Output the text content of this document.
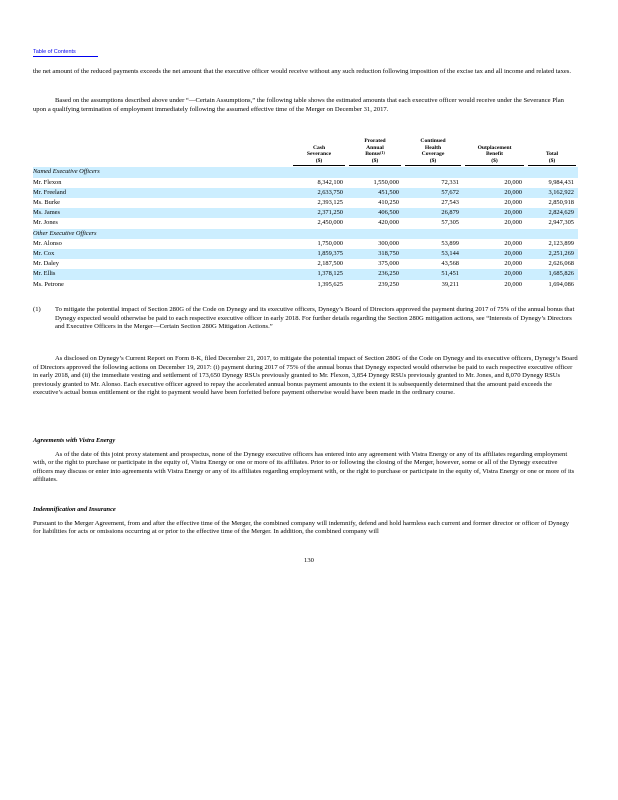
Table of Contents

the net amount of the reduced payments exceeds the net amount that the executive officer would receive without any such reduction following imposition of the excise tax and all income and related taxes.

Based on the assumptions described above under “—Certain Assumptions,” the following table shows the estimated amounts that each executive officer would receive under the Severance Plan upon a qualifying termination of employment immediately following the assumed effective time of the Merger on December 31, 2017.

	Cash
Severance
($)	Prorated
Annual
Bonus$^{(1)}$
($)	Continued
Health
Coverage
($)	Outplacement
Benefit
($)	Total
($)

Named Executive Officers					
Mr. Flexon	8,342,100	1,550,000	72,331	20,000	9,984,431
Mr. Freeland	2,633,750	451,500	57,672	20,000	3,162,922
Ms. Burke	2,393,125	410,250	27,543	20,000	2,850,918
Ms. James	2,371,250	406,500	26,879	20,000	2,824,629
Mr. Jones	2,450,000	420,000	57,305	20,000	2,947,305
Other Executive Officers					
Mr. Alonso	1,750,000	300,000	53,899	20,000	2,123,899
Mr. Cox	1,859,375	318,750	53,144	20,000	2,251,269
Mr. Daley	2,187,500	375,000	43,568	20,000	2,626,068
Mr. Ellis	1,378,125	236,250	51,451	20,000	1,685,826
Ms. Petrone	1,395,625	239,250	39,211	20,000	1,694,086
(1)	To mitigate the potential impact of Section 280G of the Code on Dynegy and its executive officers, Dynegy’s Board of Directors approved the payment during 2017 of 75% of the annual bonus that Dynegy expected would otherwise be paid to each respective executive officer in early 2018. For further details regarding the Section 280G mitigation actions, see “Interests of Dynegy’s Directors and Executive Officers in the Merger—Certain Section 280G Mitigation Actions.”

As disclosed on Dynegy’s Current Report on Form 8-K, filed December 21, 2017, to mitigate the potential impact of Section 280G of the Code on Dynegy and its executive officers, Dynegy’s Board of Directors approved the following actions on December 19, 2017: (i) payment during 2017 of 75% of the annual bonus that Dynegy expected would otherwise be paid to each respective executive officer in early 2018, and (ii) the immediate vesting and settlement of 173,650 Dynegy RSUs previously granted to Mr. Flexon, 3,854 Dynegy RSUs previously granted to Mr. Jones, and 8,070 Dynegy RSUs previously granted to Mr. Alonso. Each executive officer agreed to repay the accelerated annual bonus payment amounts to the extent it is subsequently determined that the amount paid exceeds the executive’s actual bonus entitlement or the right to payment would have been forfeited before payment otherwise would have been made in the ordinary course.

Agreements with Vistra Energy

As of the date of this joint proxy statement and prospectus, none of the Dynegy executive officers has entered into any agreement with Vistra Energy or any of its affiliates regarding employment with, or the right to purchase or participate in the equity of, Vistra Energy or one or more of its affiliates. Prior to or following the closing of the Merger, however, some or all of the Dynegy executive officers may discuss or enter into agreements with Vistra Energy or any of its affiliates regarding employment with, or the right to purchase or participate in the equity of, Vistra Energy or one or more of its affiliates.

Indemnification and Insurance

Pursuant to the Merger Agreement, from and after the effective time of the Merger, the combined company will indemnify, defend and hold harmless each current and former director or officer of Dynegy for liabilities for acts or omissions occurring at or prior to the effective time of the Merger. In addition, the combined company will

130
